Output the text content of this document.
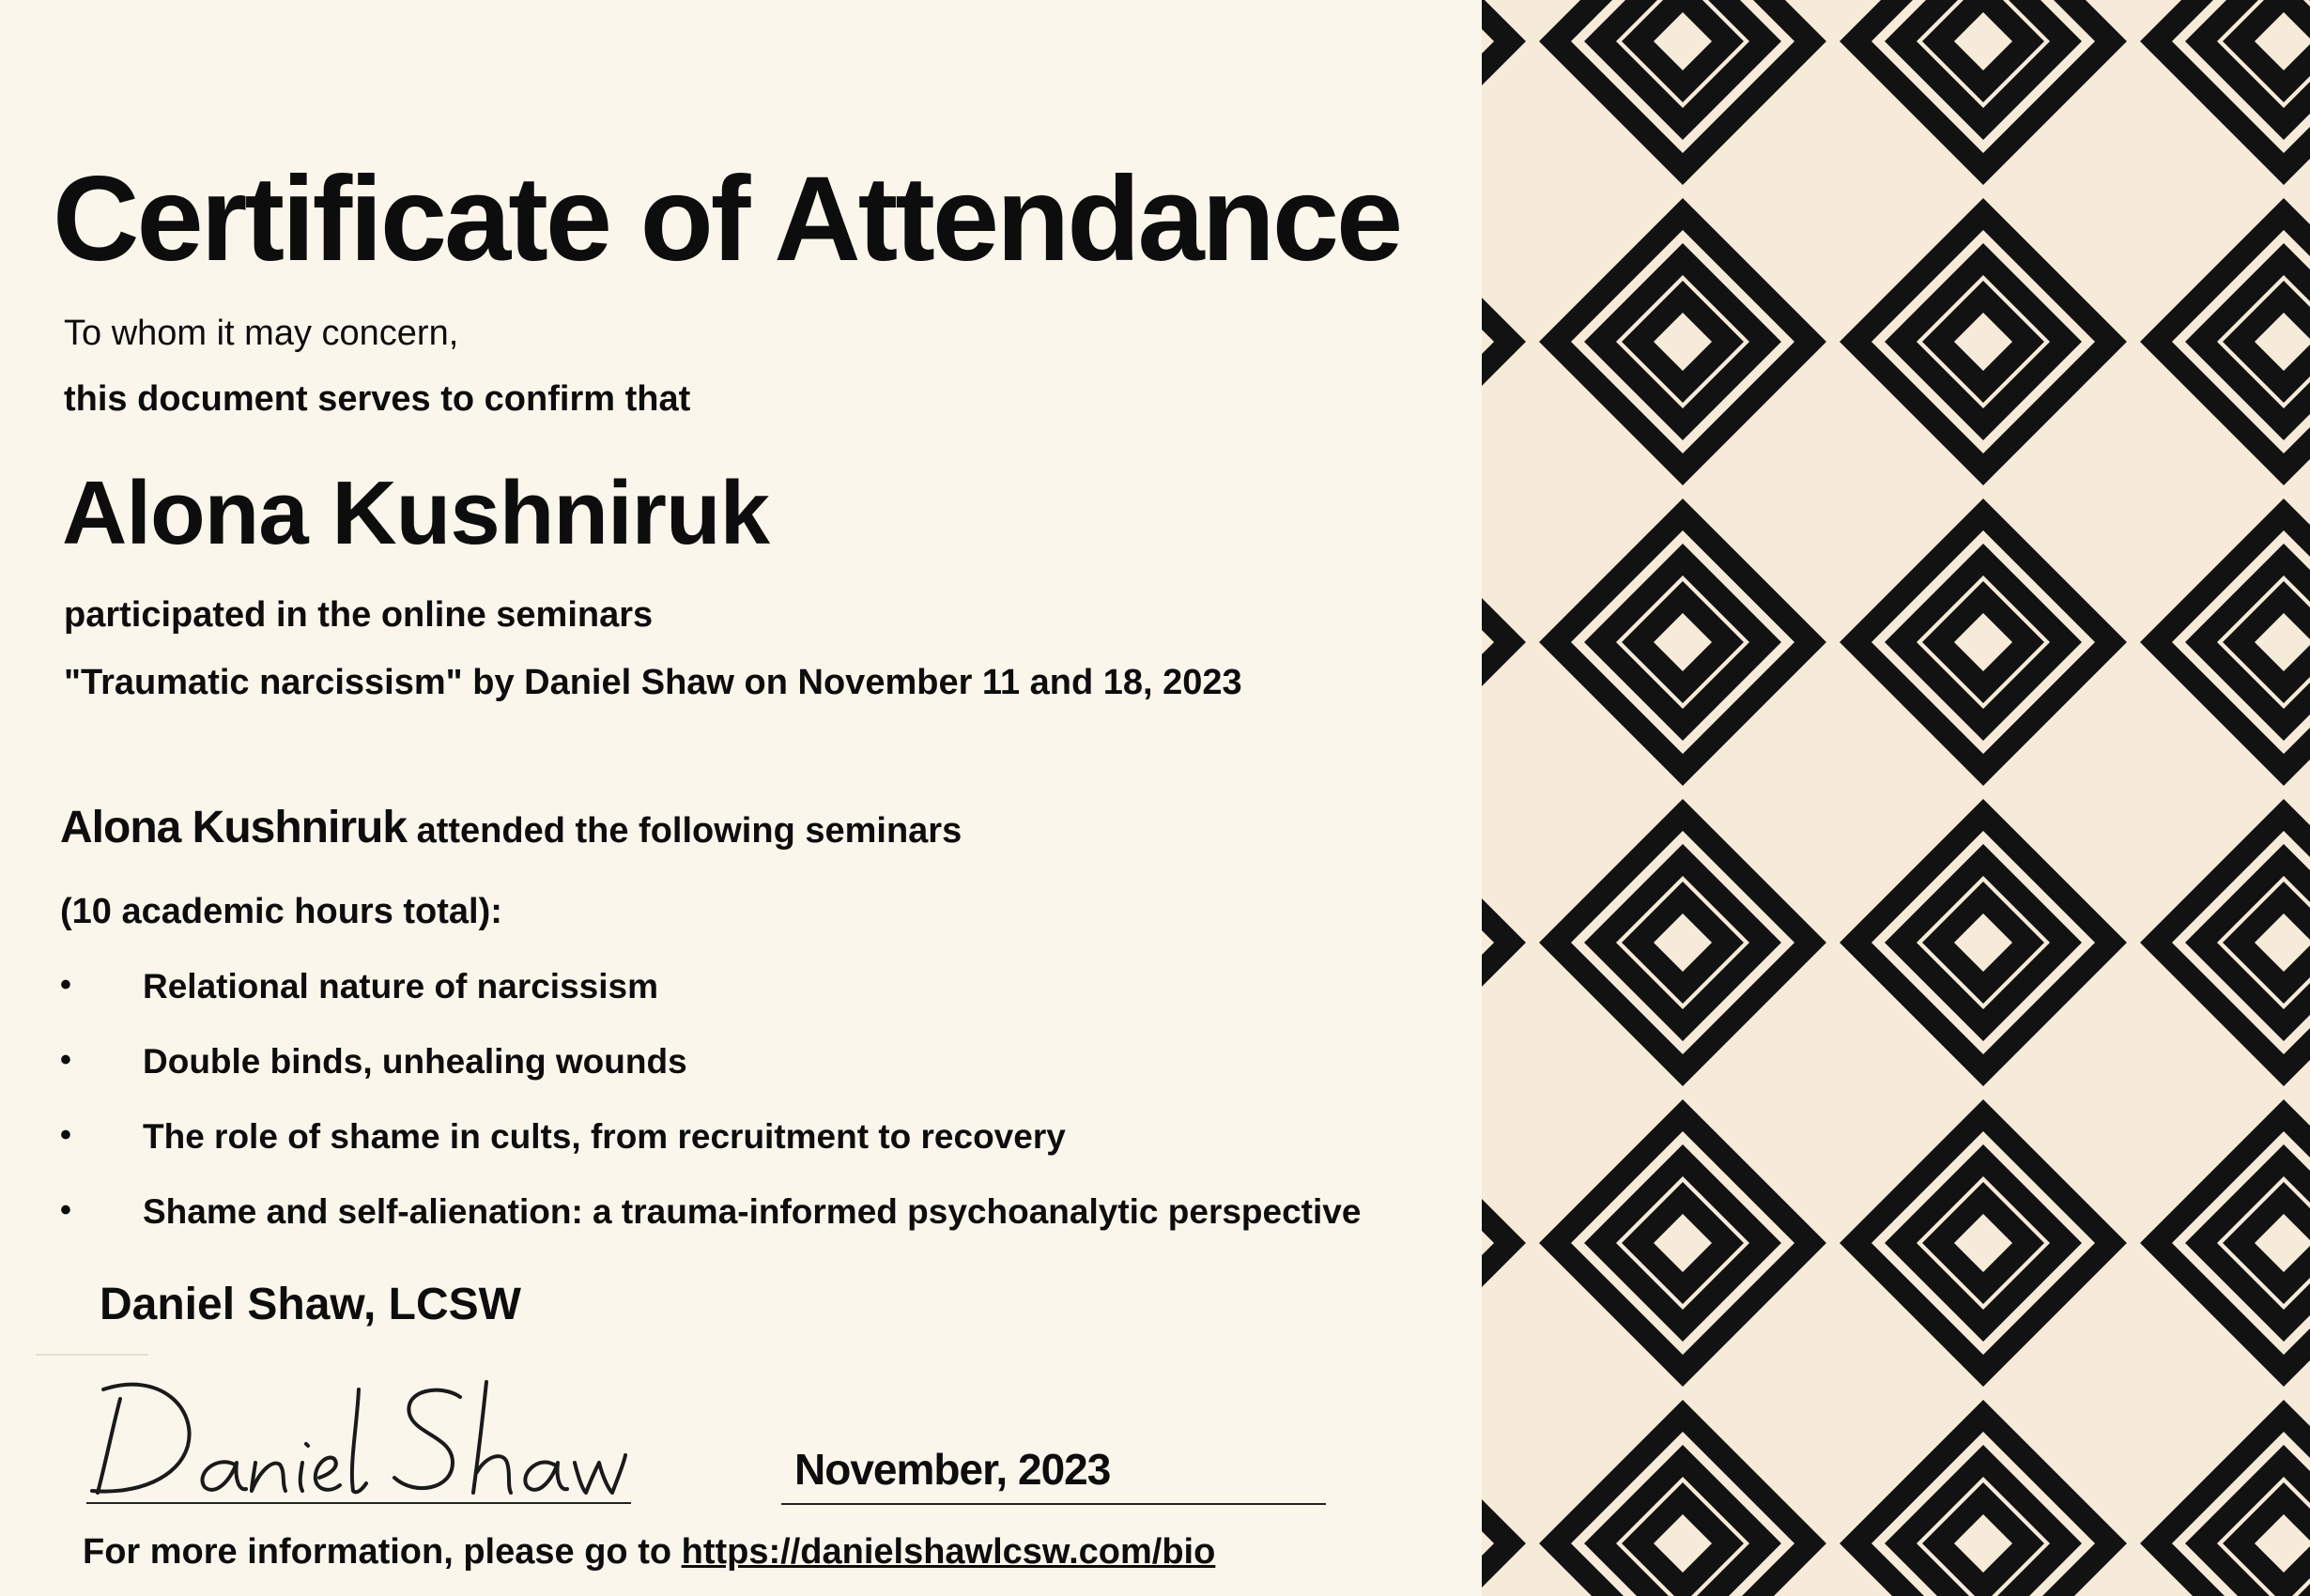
Certificate of Attendance
To whom it may concern,
this document serves to confirm that
Alona Kushniruk
participated in the online seminars
"Traumatic narcissism" by Daniel Shaw on November 11 and 18, 2023
Alona Kushniruk attended the following seminars
(10 academic hours total):
• Relational nature of narcissism
• Double binds, unhealing wounds
• The role of shame in cults, from recruitment to recovery
• Shame and self-alienation: a trauma-informed psychoanalytic perspective
Daniel Shaw, LCSW
November, 2023
For more information, please go to https://danielshawlcsw.com/bio
